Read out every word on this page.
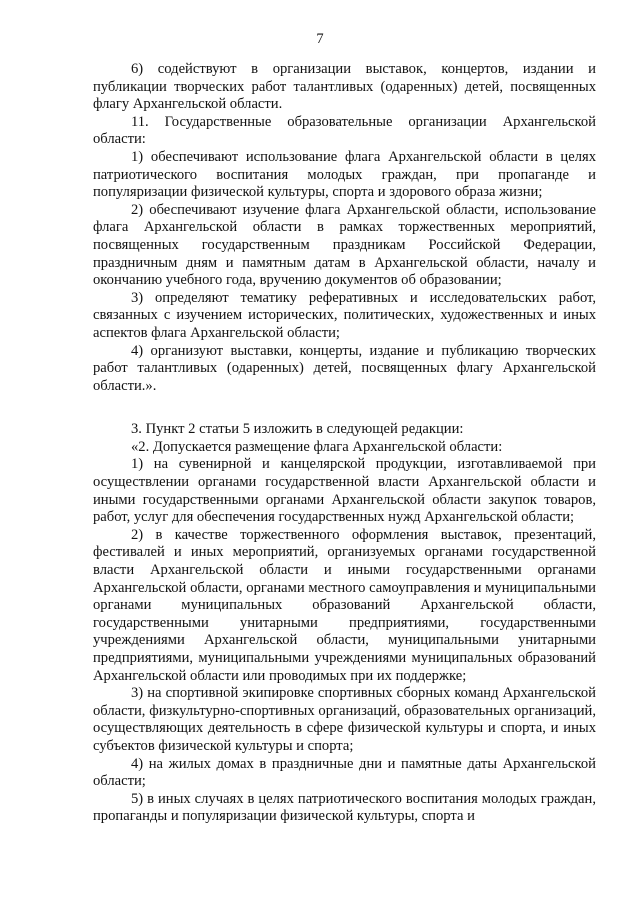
7

6) содействуют в организации выставок, концертов, издании и публикации творческих работ талантливых (одаренных) детей, посвященных флагу Архангельской области.

11. Государственные образовательные организации Архангельской области:

1) обеспечивают использование флага Архангельской области в целях патриотического воспитания молодых граждан, при пропаганде и популяризации физической культуры, спорта и здорового образа жизни;

2) обеспечивают изучение флага Архангельской области, использование флага Архангельской области в рамках торжественных мероприятий, посвященных государственным праздникам Российской Федерации, праздничным дням и памятным датам в Архангельской области, началу и окончанию учебного года, вручению документов об образовании;

3) определяют тематику реферативных и исследовательских работ, связанных с изучением исторических, политических, художественных и иных аспектов флага Архангельской области;

4) организуют выставки, концерты, издание и публикацию творческих работ талантливых (одаренных) детей, посвященных флагу Архангельской области.».

3. Пункт 2 статьи 5 изложить в следующей редакции:

«2. Допускается размещение флага Архангельской области:

1) на сувенирной и канцелярской продукции, изготавливаемой при осуществлении органами государственной власти Архангельской области и иными государственными органами Архангельской области закупок товаров, работ, услуг для обеспечения государственных нужд Архангельской области;

2) в качестве торжественного оформления выставок, презентаций, фестивалей и иных мероприятий, организуемых органами государственной власти Архангельской области и иными государственными органами Архангельской области, органами местного самоуправления и муниципальными органами муниципальных образований Архангельской области, государственными унитарными предприятиями, государственными учреждениями Архангельской области, муниципальными унитарными предприятиями, муниципальными учреждениями муниципальных образований Архангельской области или проводимых при их поддержке;

3) на спортивной экипировке спортивных сборных команд Архангельской области, физкультурно-спортивных организаций, образовательных организаций, осуществляющих деятельность в сфере физической культуры и спорта, и иных субъектов физической культуры и спорта;

4) на жилых домах в праздничные дни и памятные даты Архангельской области;

5) в иных случаях в целях патриотического воспитания молодых граждан, пропаганды и популяризации физической культуры, спорта и
